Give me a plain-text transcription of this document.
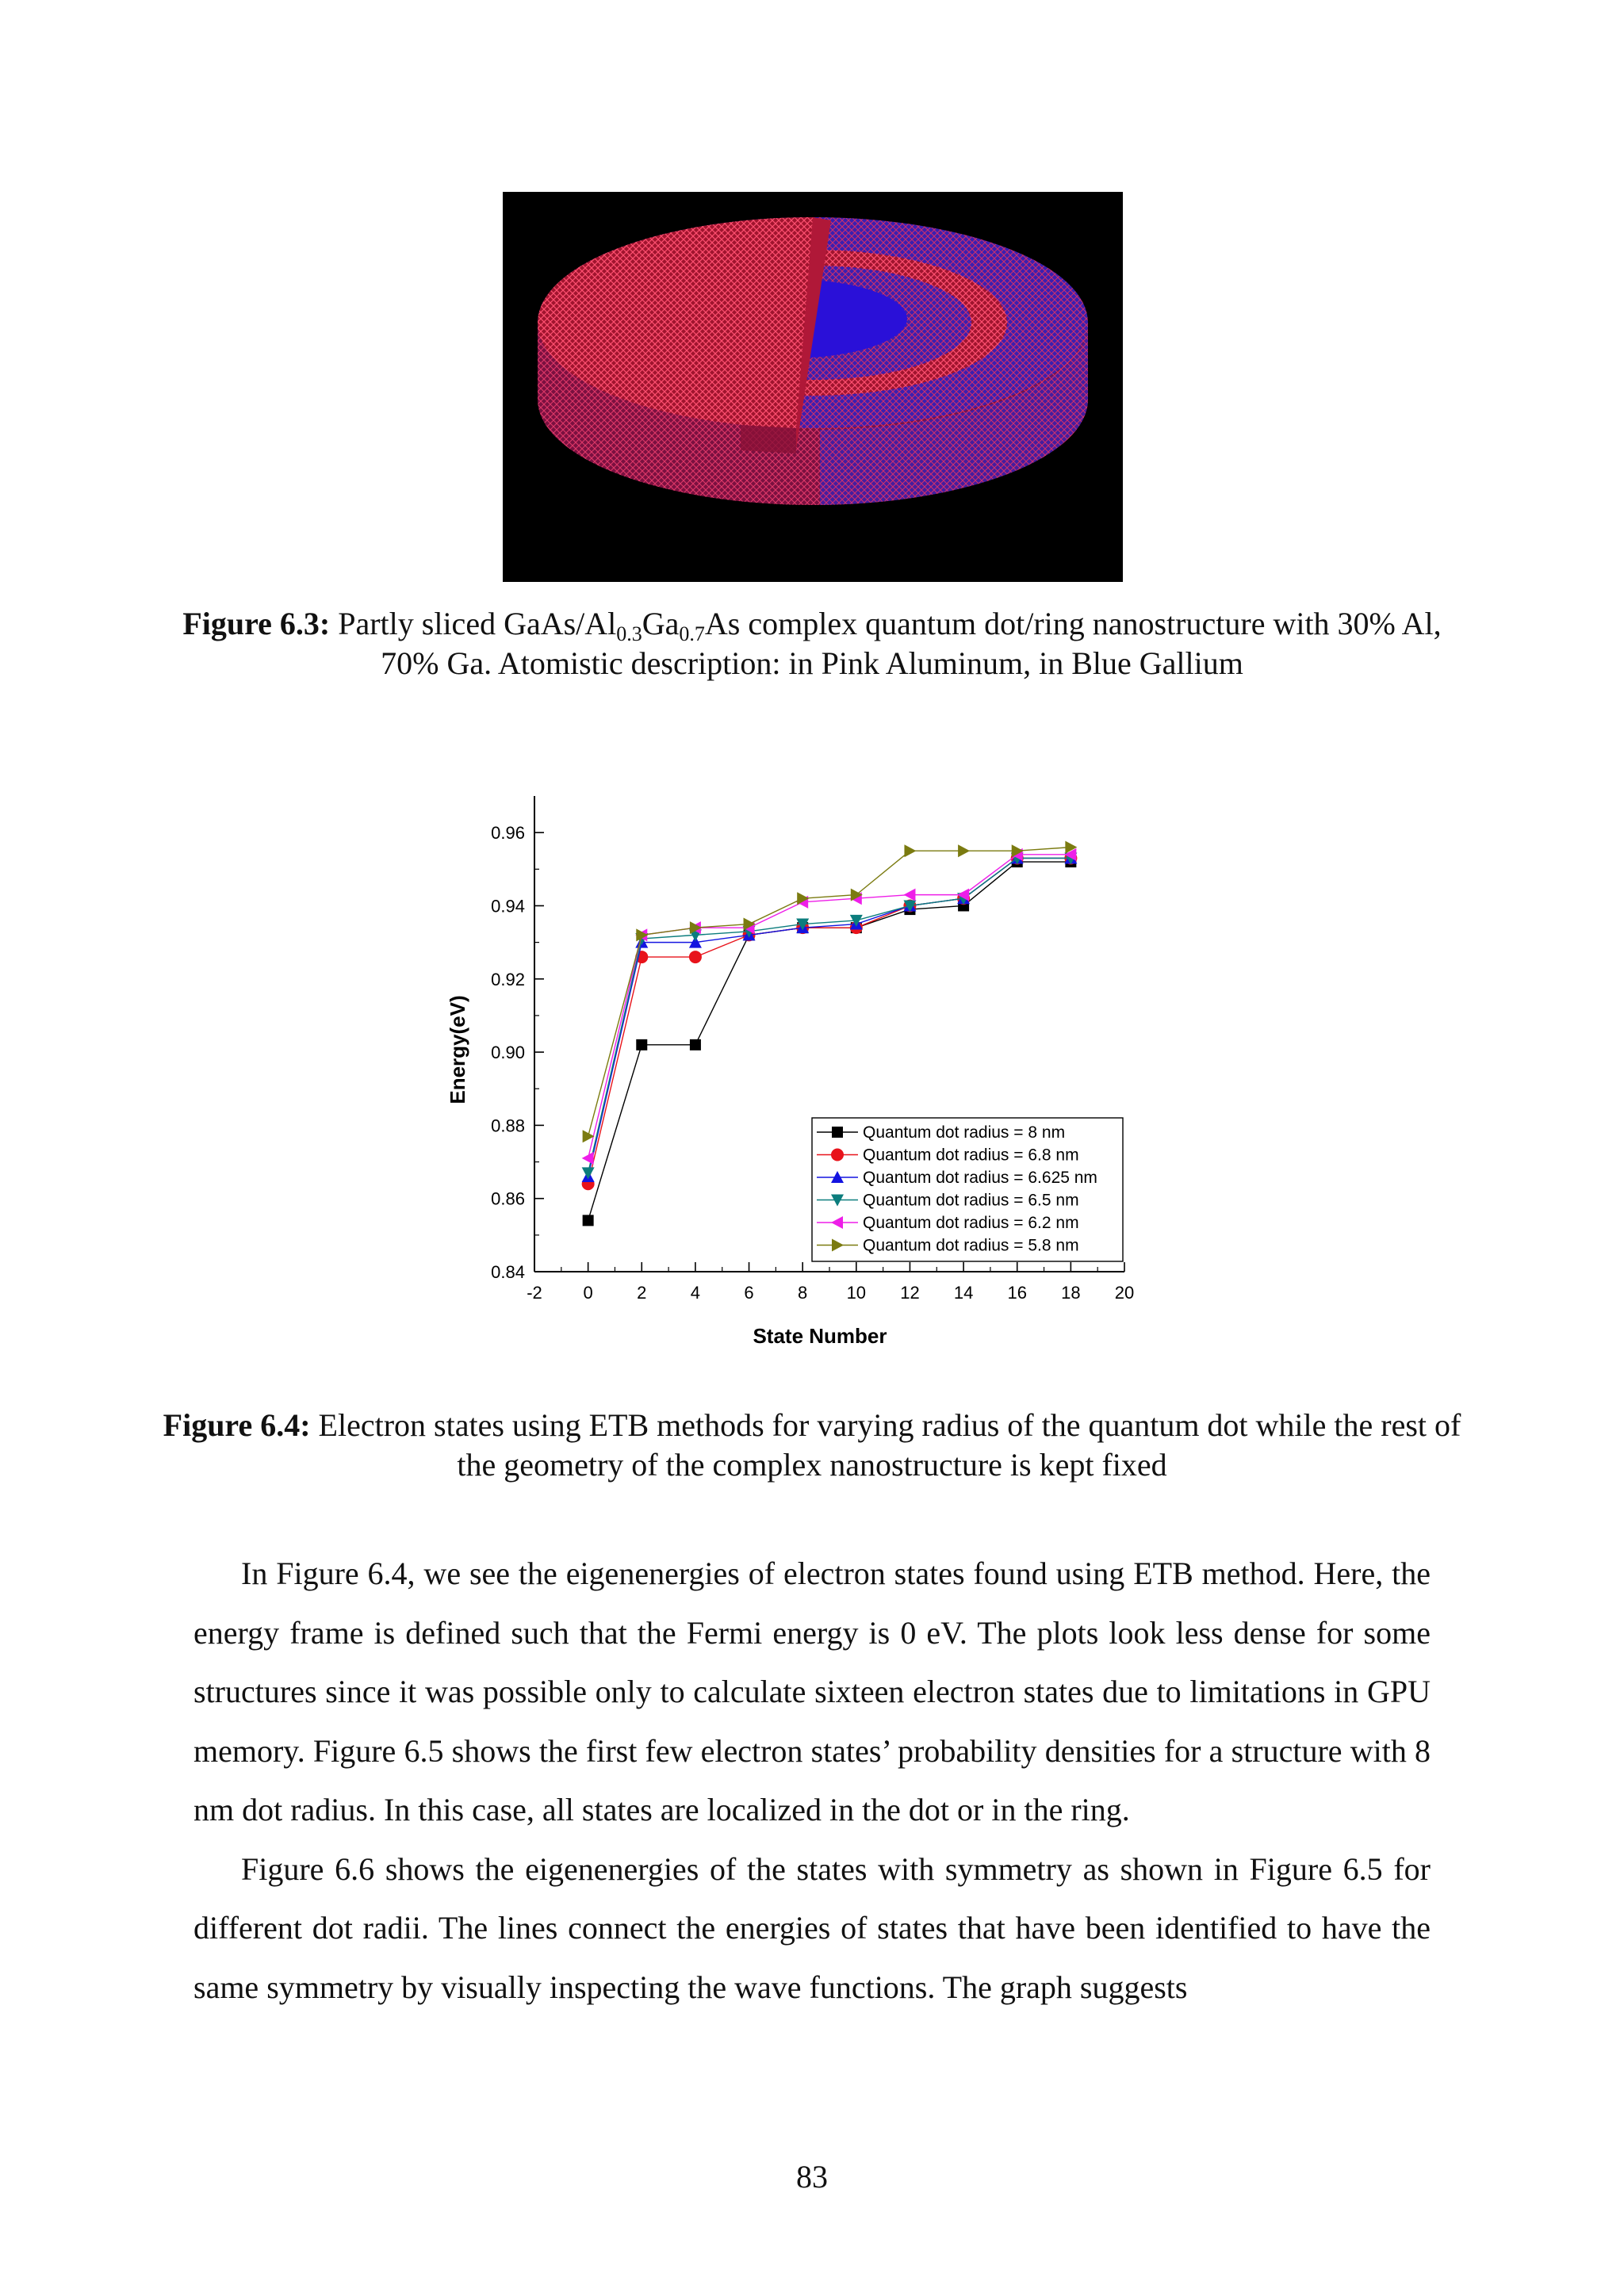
Figure 6.3: Partly sliced GaAs/$Al_{0.3}Ga_{0.7}As$ complex quantum dot/ring nanostructure with 30% Al, 70% Ga. Atomistic description: in Pink Aluminum, in Blue Gallium
-2 0	2	4	6	8 10 12 14 16 18 20
0.84
0.86
0.88
0.90
0.92
0.94
0.96
State Number
Energy(eV)
Quantum dot radius = 8 nm
Quantum dot radius = 6.8 nm
Quantum dot radius = 6.625 nm
Quantum dot radius = 6.5 nm
Quantum dot radius = 6.2 nm
Quantum dot radius = 5.8 nm
Figure 6.4: Electron states using ETB methods for varying radius of the quantum dot while the rest of the geometry of the complex nanostructure is kept fixed

In Figure 6.4, we see the eigenenergies of electron states found using ETB method. Here, the energy frame is defined such that the Fermi energy is 0 eV. The plots look less dense for some structures since it was possible only to calculate sixteen electron states due to limitations in GPU memory. Figure 6.5 shows the first few electron states’ probability densities for a structure with 8 nm dot radius. In this case, all states are localized in the dot or in the ring.

Figure 6.6 shows the eigenenergies of the states with symmetry as shown in Figure 6.5 for different dot radii. The lines connect the energies of states that have been identified to have the same symmetry by visually inspecting the wave functions. The graph suggests

83
